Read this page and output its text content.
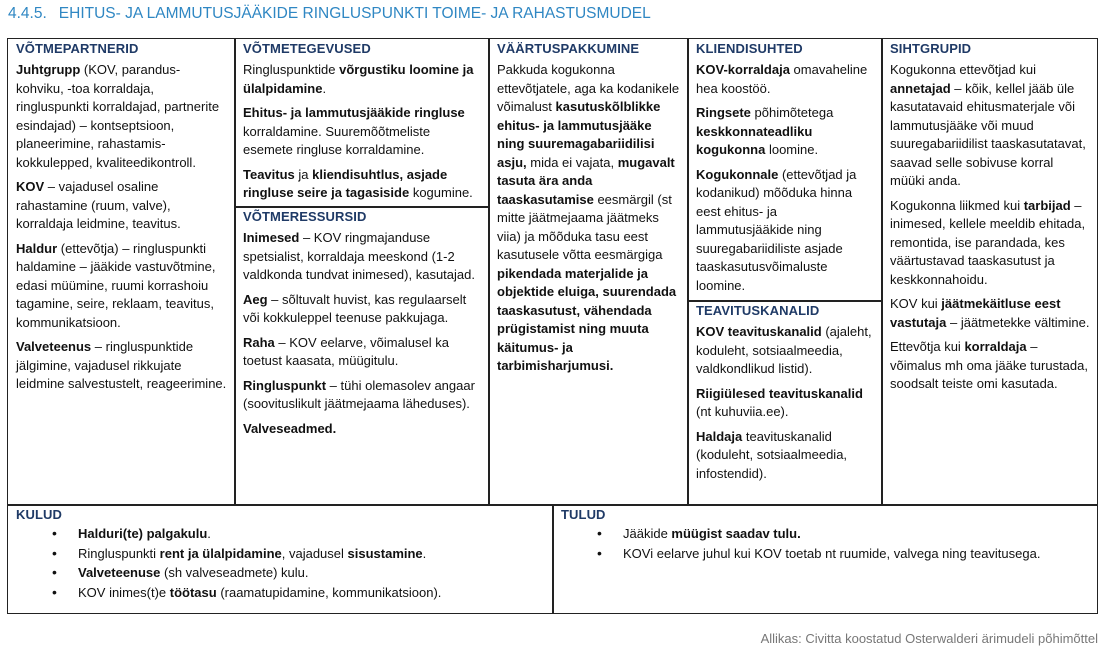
4.4.5. EHITUS- JA LAMMUTUSJÄÄKIDE RINGLUSPUNKTI TOIME- JA RAHASTUSMUDEL
VÕTMEPARTNERID
Juhtgrupp (KOV, parandus-kohviku, -toa korraldaja, ringluspunkti korraldajad, partnerite esindajad) – kontseptsioon, planeerimine, rahastamis-kokkulepped, kvaliteedikontroll.
KOV – vajadusel osaline rahastamine (ruum, valve), korraldaja leidmine, teavitus.
Haldur (ettevõtja) – ringluspunkti haldamine – jääkide vastuvõtmine, edasi müümine, ruumi korrashoiu tagamine, seire, reklaam, teavitus, kommunikatsioon.
Valveteenus – ringluspunktide jälgimine, vajadusel rikkujate leidmine salvestustelt, reageerimine.
VÕTMETEGEVUSED
Ringluspunktide võrgustiku loomine ja ülalpidamine.
Ehitus- ja lammutusjääkide ringluse korraldamine. Suuremõõtmeliste esemete ringluse korraldamine.
Teavitus ja kliendisuhtlus, asjade ringluse seire ja tagasiside kogumine.
VÕTMERESSURSID
Inimesed – KOV ringmajanduse spetsialist, korraldaja meeskond (1-2 valdkonda tundvat inimesed), kasutajad.
Aeg – sõltuvalt huvist, kas regulaarselt või kokkuleppel teenuse pakkujaga.
Raha – KOV eelarve, võimalusel ka toetust kaasata, müügitulu.
Ringluspunkt – tühi olemasolev angaar (soovituslikult jäätmejaama läheduses).
Valveseadmed.
VÄÄRTUSPAKKUMINE
Pakkuda kogukonna ettevõtjatele, aga ka kodanikele võimalust kasutuskõlblikke ehitus- ja lammutusjääke ning suuremagabariidilisi asju, mida ei vajata, mugavalt tasuta ära anda taaskasutamise eesmärgil (st mitte jäätmejaama jäätmeks viia) ja mõõduka tasu eest kasutusele võtta eesmärgiga pikendada materjalide ja objektide eluiga, suurendada taaskasutust, vähendada prügistamist ning muuta käitumus- ja tarbimisharjumusi.
KLIENDISUHTED
KOV-korraldaja omavaheline hea koostöö.
Ringsete põhimõtetega keskkonnateadliku kogukonna loomine.
Kogukonnale (ettevõtjad ja kodanikud) mõõduka hinna eest ehitus- ja lammutusjääkide ning suuregabariidiliste asjade taaskasutusvõimaluste loomine.
TEAVITUSKANALID
KOV teavituskanalid (ajaleht, koduleht, sotsiaalmeedia, valdkondlikud listid).
Riigiülesed teavituskanalid (nt kuhuviia.ee).
Haldaja teavituskanalid (koduleht, sotsiaalmeedia, infostendid).
SIHTGRUPID
Kogukonna ettevõtjad kui annetajad – kõik, kellel jääb üle kasutatavaid ehitusmaterjale või lammutusjääke või muud suuregabariidilist taaskasutatavat, saavad selle sobivuse korral müüki anda.
Kogukonna liikmed kui tarbijad – inimesed, kellele meeldib ehitada, remontida, ise parandada, kes väärtustavad taaskasutust ja keskkonnahoidu.
KOV kui jäätmekäitluse eest vastutaja – jäätmetekke vältimine.
Ettevõtja kui korraldaja – võimalus mh oma jääke turustada, soodsalt teiste omi kasutada.
KULUD
• Halduri(te) palgakulu.
• Ringluspunkti rent ja ülalpidamine, vajadusel sisustamine.
• Valveteenuse (sh valveseadmete) kulu.
• KOV inimes(t)e töötasu (raamatupidamine, kommunikatsioon).
TULUD
• Jääkide müügist saadav tulu.
• KOVi eelarve juhul kui KOV toetab nt ruumide, valvega ning teavitusega.
Allikas: Civitta koostatud Osterwalderi ärimudeli põhimõttel
